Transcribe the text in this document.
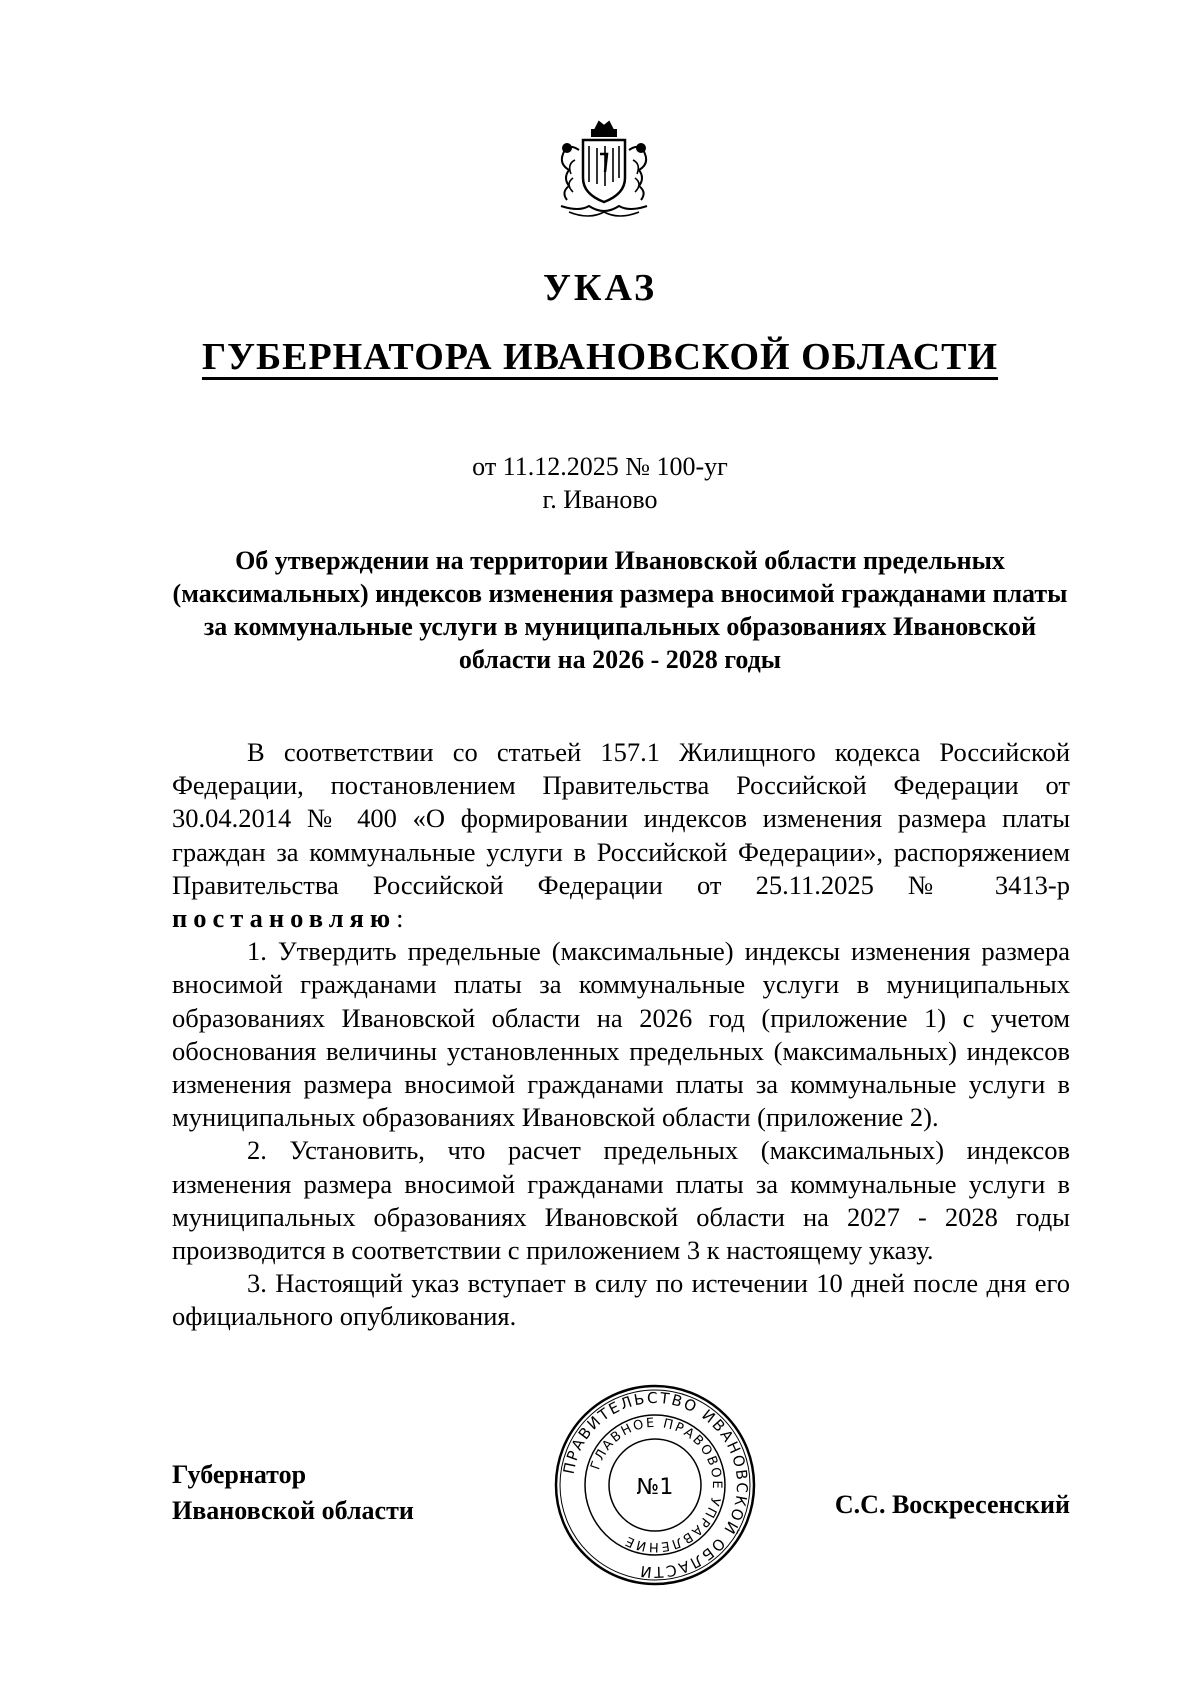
УКАЗ
ГУБЕРНАТОРА ИВАНОВСКОЙ ОБЛАСТИ
от 11.12.2025 № 100-уг
г. Иваново
Об утверждении на территории Ивановской области предельных (максимальных) индексов изменения размера вносимой гражданами платы за коммунальные услуги в муниципальных образованиях Ивановской области на 2026 - 2028 годы

В соответствии со статьей 157.1 Жилищного кодекса Российской Федерации, постановлением Правительства Российской Федерации от 30.04.2014 № 400 «О формировании индексов изменения размера платы граждан за коммунальные услуги в Российской Федерации», распоряжением Правительства Российской Федерации от 25.11.2025 № 3413-р постановляю:

1. Утвердить предельные (максимальные) индексы изменения размера вносимой гражданами платы за коммунальные услуги в муниципальных образованиях Ивановской области на 2026 год (приложение 1) с учетом обоснования величины установленных предельных (максимальных) индексов изменения размера вносимой гражданами платы за коммунальные услуги в муниципальных образованиях Ивановской области (приложение 2).

2. Установить, что расчет предельных (максимальных) индексов изменения размера вносимой гражданами платы за коммунальные услуги в муниципальных образованиях Ивановской области на 2027 - 2028 годы производится в соответствии с приложением 3 к настоящему указу.

3. Настоящий указ вступает в силу по истечении 10 дней после дня его официального опубликования.

Губернатор
Ивановской области
ПРАВИТЕЛЬСТВО ИВАНОВСКОЙ ОБЛАСТИ
ГЛАВНОЕ ПРАВОВОЕ УПРАВЛЕНИЕ
№1
С.С. Воскресенский
